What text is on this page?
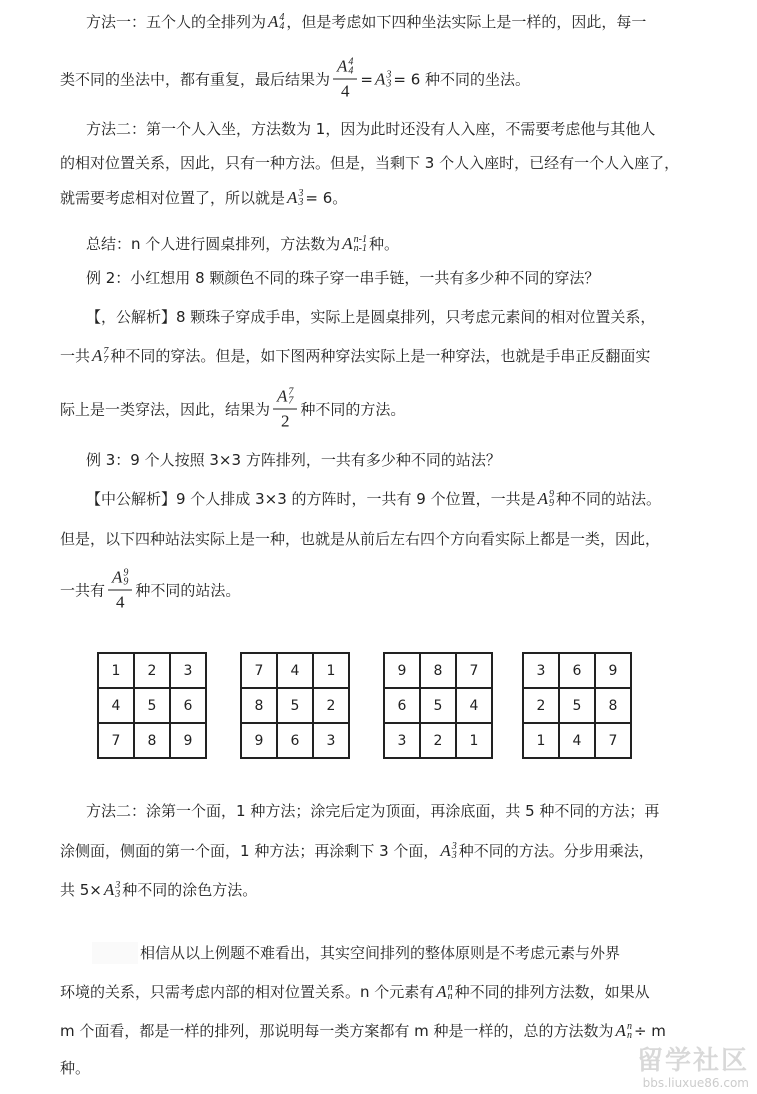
方法一：五个人的全排列为 A 4
4 ，但是考虑如下四种坐法实际上是一样的，因此，每一
类不同的坐法中，都有重复，最后结果为 A 4
4
4 = A 3
3 = 6 种不同的坐法。
方法二：第一个人入坐，方法数为 1，因为此时还没有人入座，不需要考虑他与其他人
的相对位置关系，因此，只有一种方法。但是，当剩下 3 个人入座时，已经有一个人入座了，
就需要考虑相对位置了，所以就是 A 3
3 = 6。
总结：n 个人进行圆桌排列，方法数为 A n-1
n-1 种。
例 2：小红想用 8 颗颜色不同的珠子穿一串手链，一共有多少种不同的穿法？
【，公解析】8 颗珠子穿成手串，实际上是圆桌排列，只考虑元素间的相对位置关系，
一共 A 7
7 种不同的穿法。但是，如下图两种穿法实际上是一种穿法，也就是手串正反翻面实
际上是一类穿法，因此，结果为 A 7
7
2 种不同的方法。
例 3：9 个人按照 3×3 方阵排列，一共有多少种不同的站法？
【中公解析】9 个人排成 3×3 的方阵时，一共有 9 个位置，一共是 A 9
9 种不同的站法。
但是，以下四种站法实际上是一种，也就是从前后左右四个方向看实际上都是一类，因此，
一共有 A 9
9
4 种不同的站法。
方法二：涂第一个面，1 种方法；涂完后定为顶面，再涂底面，共 5 种不同的方法；再
涂侧面，侧面的第一个面，1 种方法；再涂剩下 3 个面， A 3
3 种不同的方法。分步用乘法，
共 5× A 3
3 种不同的涂色方法。
相信从以上例题不难看出，其实空间排列的整体原则是不考虑元素与外界
环境的关系，只需考虑内部的相对位置关系。n 个元素有 A n
n 种不同的排列方法数，如果从
m 个面看，都是一样的排列，那说明每一类方案都有 m 种是一样的，总的方法数为 A n
n ÷ m
种。
1	2	3
4	5	6
7	8	9
7	4	1
8	5	2
9	6	3
9	8	7
6	5	4
3	2	1
3	6	9
2	5	8
1	4	7
留学社区
bbs.liuxue86.com
